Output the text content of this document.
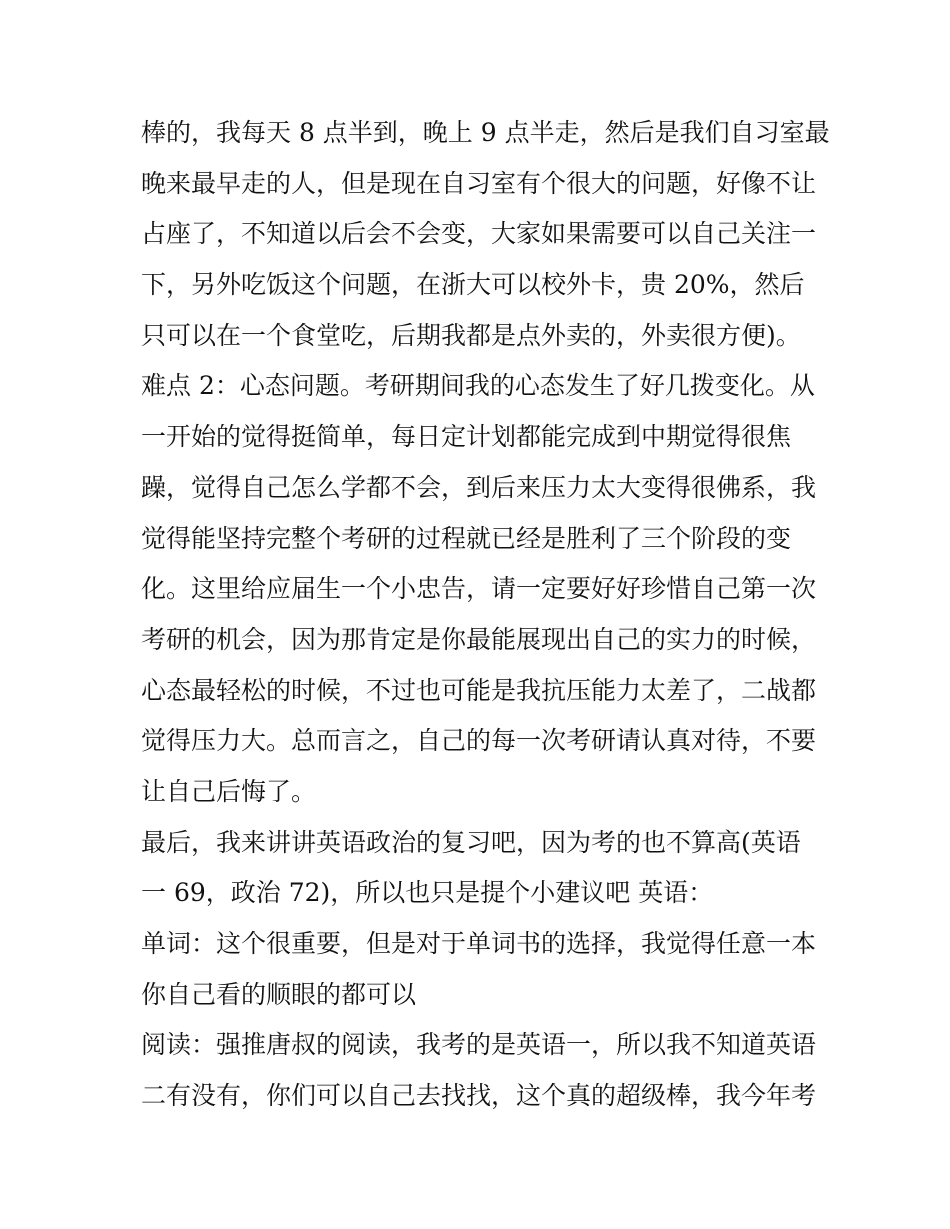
棒的，我每天 8 点半到，晚上 9 点半走，然后是我们自习室最
晚来最早走的人，但是现在自习室有个很大的问题，好像不让
占座了，不知道以后会不会变，大家如果需要可以自己关注一
下，另外吃饭这个问题，在浙大可以校外卡，贵 20%，然后
只可以在一个食堂吃，后期我都是点外卖的，外卖很方便)。
难点 2：心态问题。考研期间我的心态发生了好几拨变化。从
一开始的觉得挺简单，每日定计划都能完成到中期觉得很焦
躁，觉得自己怎么学都不会，到后来压力太大变得很佛系，我
觉得能坚持完整个考研的过程就已经是胜利了三个阶段的变
化。这里给应届生一个小忠告，请一定要好好珍惜自己第一次
考研的机会，因为那肯定是你最能展现出自己的实力的时候，
心态最轻松的时候，不过也可能是我抗压能力太差了，二战都
觉得压力大。总而言之，自己的每一次考研请认真对待，不要
让自己后悔了。
最后，我来讲讲英语政治的复习吧，因为考的也不算高(英语
一 69，政治 72)，所以也只是提个小建议吧 英语：
单词：这个很重要，但是对于单词书的选择，我觉得任意一本
你自己看的顺眼的都可以
阅读：强推唐叔的阅读，我考的是英语一，所以我不知道英语
二有没有，你们可以自己去找找，这个真的超级棒，我今年考
